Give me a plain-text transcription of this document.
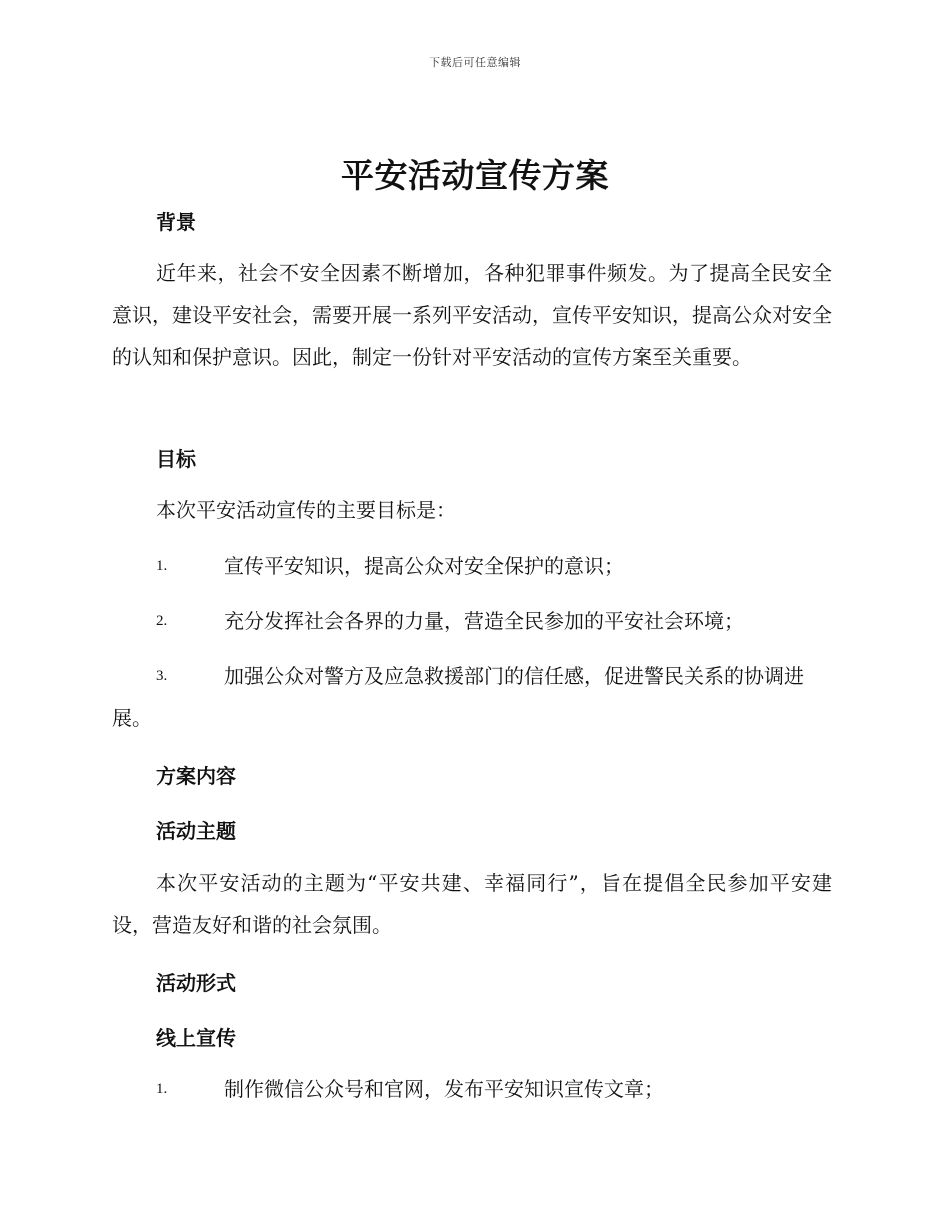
下载后可任意编辑
平安活动宣传方案
背景
近年来，社会不安全因素不断增加，各种犯罪事件频发。为了提高全民安全意识，建设平安社会，需要开展一系列平安活动，宣传平安知识，提高公众对安全的认知和保护意识。因此，制定一份针对平安活动的宣传方案至关重要。
目标
本次平安活动宣传的主要目标是：
1.	宣传平安知识，提高公众对安全保护的意识；
2.	充分发挥社会各界的力量，营造全民参加的平安社会环境；
3.	加强公众对警方及应急救援部门的信任感，促进警民关系的协调进展。
方案内容
活动主题
本次平安活动的主题为“平安共建、幸福同行”，旨在提倡全民参加平安建设，营造友好和谐的社会氛围。
活动形式
线上宣传
1.	制作微信公众号和官网，发布平安知识宣传文章；
